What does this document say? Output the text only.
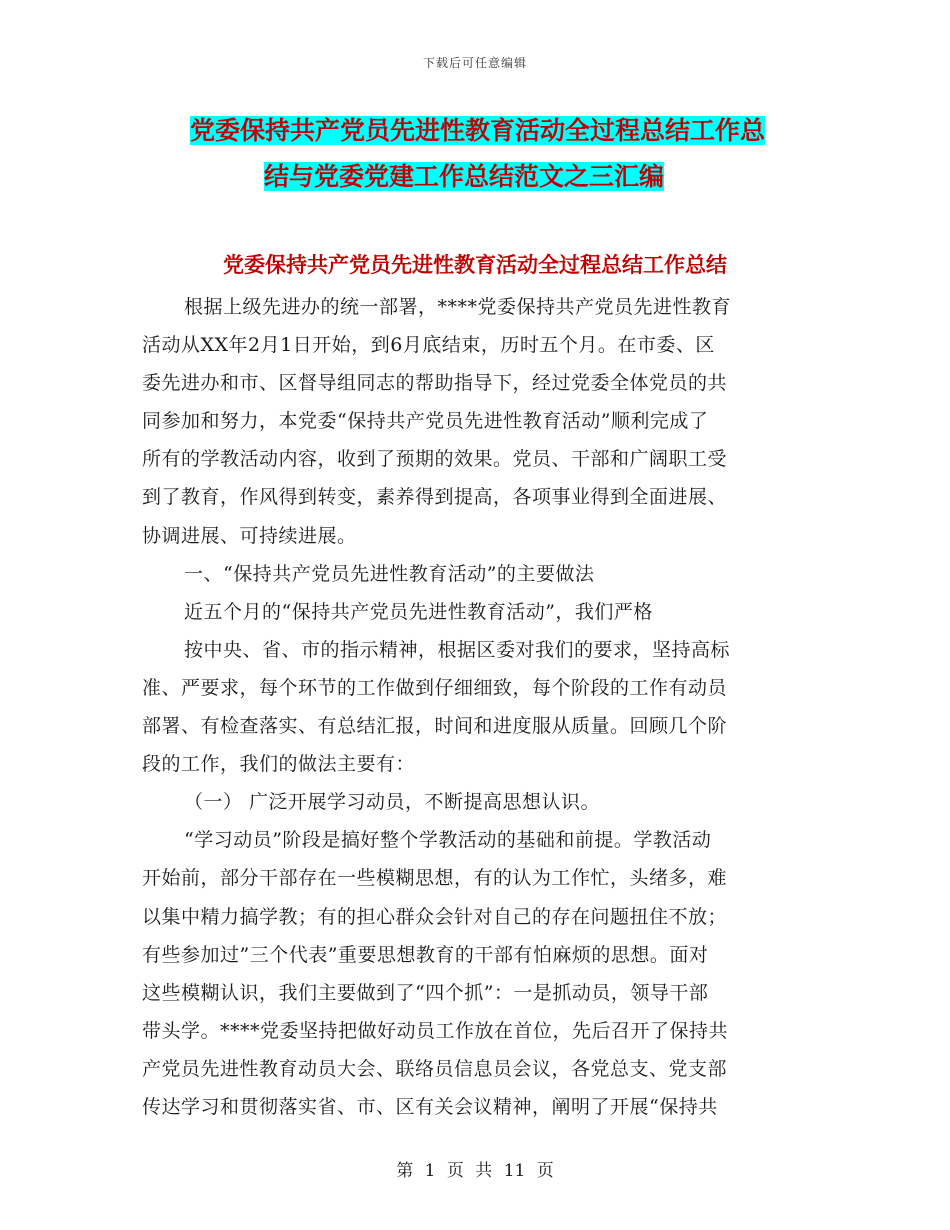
下载后可任意编辑
党委保持共产党员先进性教育活动全过程总结工作总
结与党委党建工作总结范文之三汇编
党委保持共产党员先进性教育活动全过程总结工作总结
根据上级先进办的统一部署，****党委保持共产党员先进性教育
活动从XX年2月1日开始，到6月底结束，历时五个月。在市委、区
委先进办和市、区督导组同志的帮助指导下，经过党委全体党员的共
同参加和努力，本党委“保持共产党员先进性教育活动”顺利完成了
所有的学教活动内容，收到了预期的效果。党员、干部和广阔职工受
到了教育，作风得到转变，素养得到提高，各项事业得到全面进展、
协调进展、可持续进展。
一、“保持共产党员先进性教育活动”的主要做法
近五个月的“保持共产党员先进性教育活动”，我们严格
按中央、省、市的指示精神，根据区委对我们的要求，坚持高标
准、严要求，每个环节的工作做到仔细细致，每个阶段的工作有动员
部署、有检查落实、有总结汇报，时间和进度服从质量。回顾几个阶
段的工作，我们的做法主要有：
（一） 广泛开展学习动员，不断提高思想认识。
“学习动员”阶段是搞好整个学教活动的基础和前提。学教活动
开始前，部分干部存在一些模糊思想，有的认为工作忙，头绪多，难
以集中精力搞学教；有的担心群众会针对自己的存在问题扭住不放；
有些参加过”三个代表”重要思想教育的干部有怕麻烦的思想。面对
这些模糊认识，我们主要做到了“四个抓”：一是抓动员，领导干部
带头学。****党委坚持把做好动员工作放在首位，先后召开了保持共
产党员先进性教育动员大会、联络员信息员会议，各党总支、党支部
传达学习和贯彻落实省、市、区有关会议精神，阐明了开展“保持共
第 1 页 共 11 页
